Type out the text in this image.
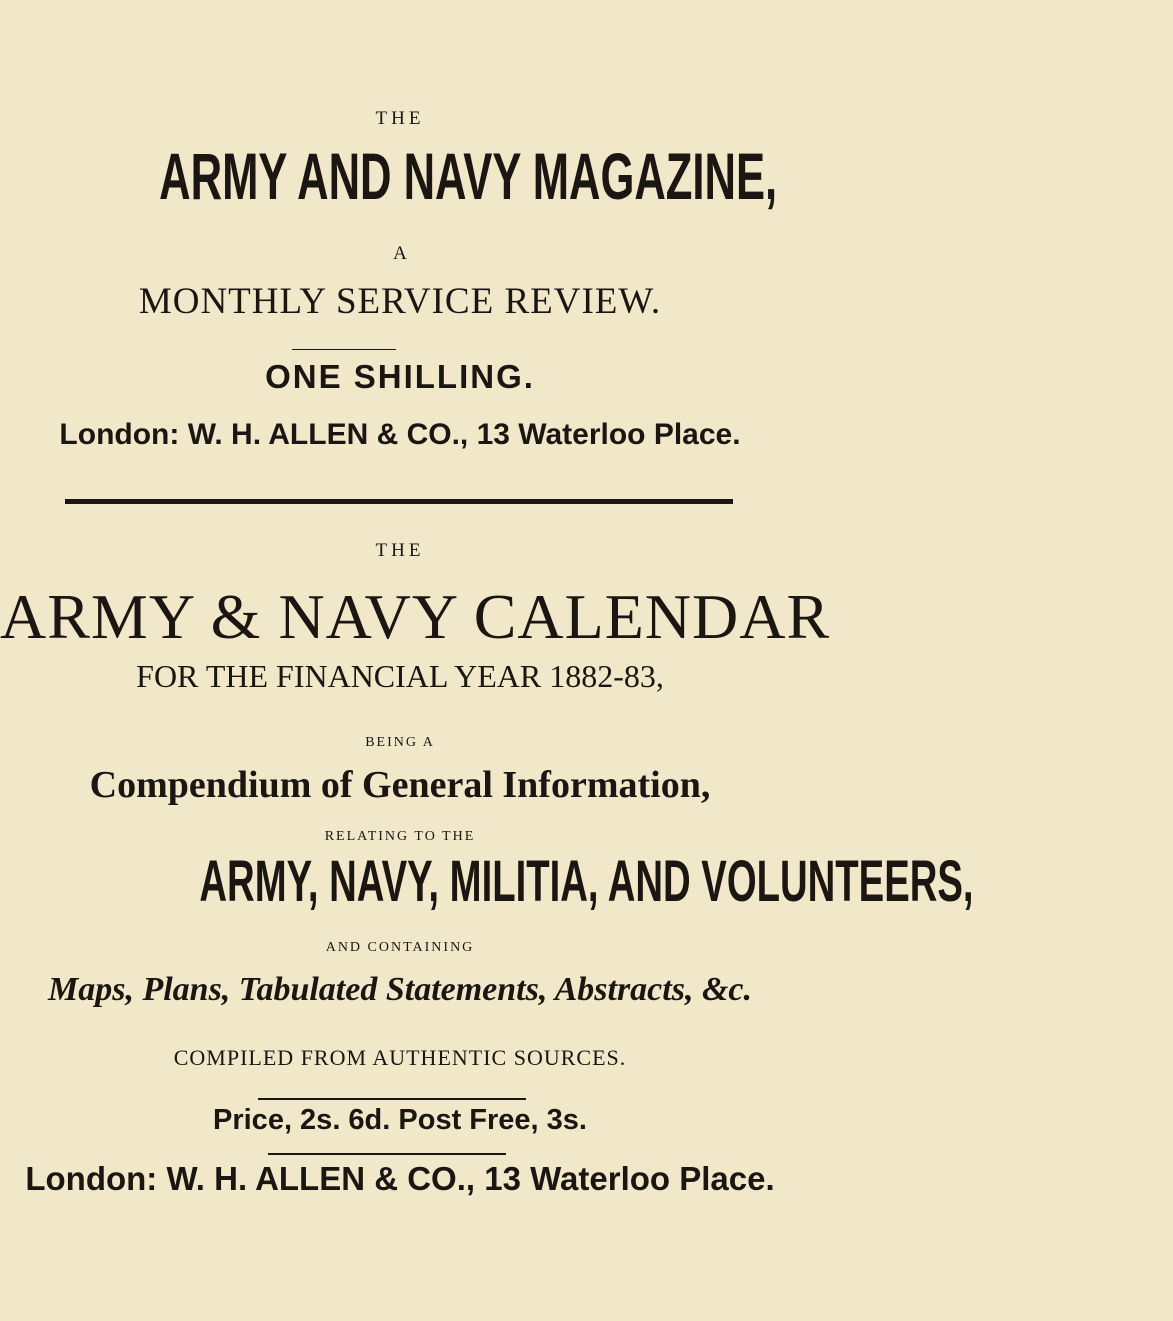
THE
ARMY AND NAVY MAGAZINE,
A
MONTHLY SERVICE REVIEW.
ONE SHILLING.
London: W. H. ALLEN & CO., 13 Waterloo Place.
THE
ARMY & NAVY CALENDAR
FOR THE FINANCIAL YEAR 1882-83,
BEING A
Compendium of General Information,
RELATING TO THE
ARMY, NAVY, MILITIA, AND VOLUNTEERS,
AND CONTAINING
Maps, Plans, Tabulated Statements, Abstracts, &c.
COMPILED FROM AUTHENTIC SOURCES.
Price, 2s. 6d. Post Free, 3s.
London: W. H. ALLEN & CO., 13 Waterloo Place.
